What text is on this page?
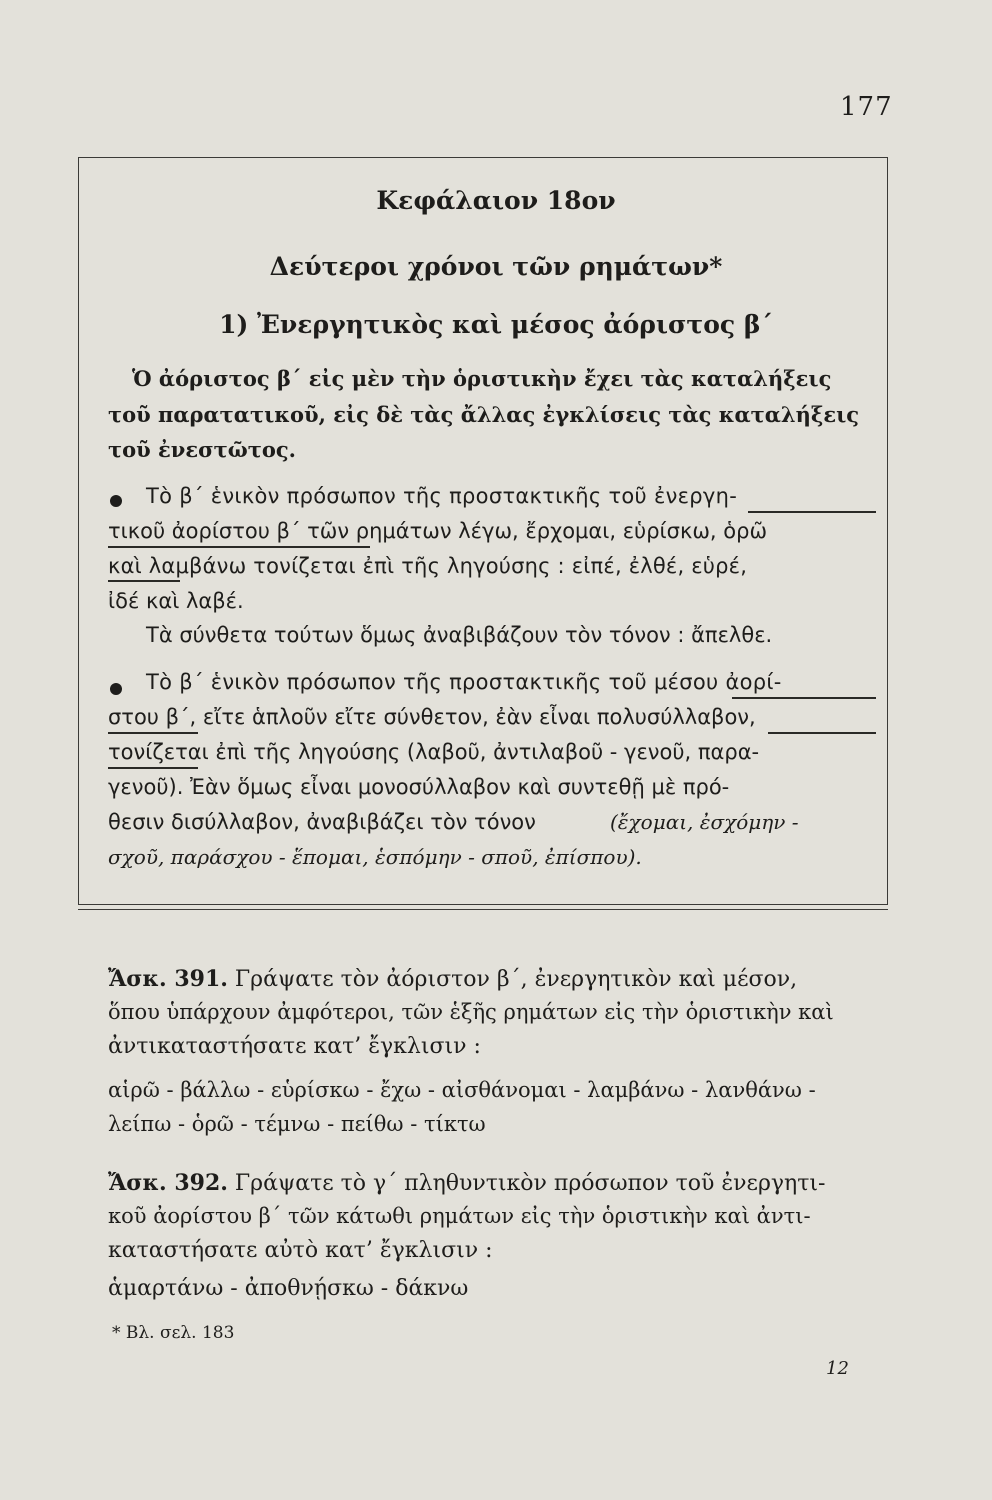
177
Κεφάλαιον 18ον
Δεύτεροι χρόνοι τῶν ρημάτων*
1) Ἐνεργητικὸς καὶ μέσος ἀόριστος β΄
Ὁ ἀόριστος β΄ εἰς μὲν τὴν ὁριστικὴν ἔχει τὰς καταλήξεις
τοῦ παρατατικοῦ, εἰς δὲ τὰς ἄλλας ἐγκλίσεις τὰς καταλήξεις
τοῦ ἐνεστῶτος.
Τὸ β΄ ἑνικὸν πρόσωπον τῆς προστακτικῆς τοῦ ἐνεργη-
τικοῦ ἀορίστου β΄ τῶν ρημάτων λέγω, ἔρχομαι, εὑρίσκω, ὁρῶ
καὶ λαμβάνω τονίζεται ἐπὶ τῆς ληγούσης : εἰπέ, ἐλθέ, εὑρέ,
ἰδέ καὶ λαβέ.
Τὰ σύνθετα τούτων ὅμως ἀναβιβάζουν τὸν τόνον : ἄπελθε.
Τὸ β΄ ἑνικὸν πρόσωπον τῆς προστακτικῆς τοῦ μέσου ἀορί-
στου β΄, εἴτε ἁπλοῦν εἴτε σύνθετον, ἐὰν εἶναι πολυσύλλαβον,
τονίζεται ἐπὶ τῆς ληγούσης (λαβοῦ, ἀντιλαβοῦ - γενοῦ, παρα-
γενοῦ). Ἐὰν ὅμως εἶναι μονοσύλλαβον καὶ συντεθῇ μὲ πρό-
θεσιν δισύλλαβον, ἀναβιβάζει τὸν τόνον	(ἔχομαι, ἐσχόμην -
σχοῦ, παράσχου - ἕπομαι, ἑσπόμην - σποῦ, ἐπίσπου).
Ἄσκ. 391. Γράψατε τὸν ἀόριστον β΄, ἐνεργητικὸν καὶ μέσον,
ὅπου ὑπάρχουν ἀμφότεροι, τῶν ἑξῆς ρημάτων εἰς τὴν ὁριστικὴν καὶ
ἀντικαταστήσατε κατ’ ἔγκλισιν :
αἱρῶ - βάλλω - εὑρίσκω - ἔχω - αἰσθάνομαι - λαμβάνω - λανθάνω -
λείπω - ὁρῶ - τέμνω - πείθω - τίκτω
Ἄσκ. 392. Γράψατε τὸ γ΄ πληθυντικὸν πρόσωπον τοῦ ἐνεργητι-
κοῦ ἀορίστου β΄ τῶν κάτωθι ρημάτων εἰς τὴν ὁριστικὴν καὶ ἀντι-
καταστήσατε αὐτὸ κατ’ ἔγκλισιν :
ἁμαρτάνω - ἀποθνῄσκω - δάκνω
* Βλ. σελ. 183
12
